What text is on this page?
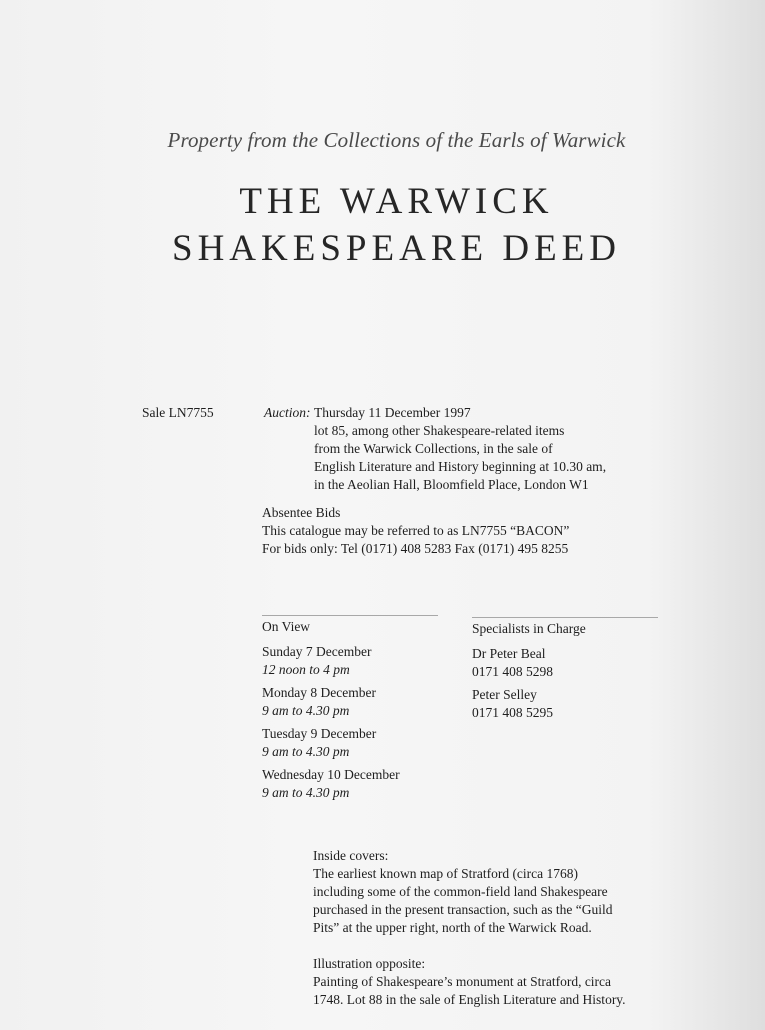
Property from the Collections of the Earls of Warwick
THE WARWICK
SHAKESPEARE DEED
Sale LN7755	Auction: Thursday 11 December 1997
lot 85, among other Shakespeare-related items
from the Warwick Collections, in the sale of
English Literature and History beginning at 10.30 am,
in the Aeolian Hall, Bloomfield Place, London W1
Absentee Bids
This catalogue may be referred to as LN7755 “BACON”
For bids only: Tel (0171) 408 5283 Fax (0171) 495 8255
On View
Sunday 7 December
12 noon to 4 pm
Monday 8 December
9 am to 4.30 pm
Tuesday 9 December
9 am to 4.30 pm
Wednesday 10 December
9 am to 4.30 pm
Specialists in Charge
Dr Peter Beal
0171 408 5298
Peter Selley
0171 408 5295
Inside covers:
The earliest known map of Stratford (circa 1768)
including some of the common-field land Shakespeare
purchased in the present transaction, such as the “Guild
Pits” at the upper right, north of the Warwick Road.
Illustration opposite:
Painting of Shakespeare’s monument at Stratford, circa
1748. Lot 88 in the sale of English Literature and History.
